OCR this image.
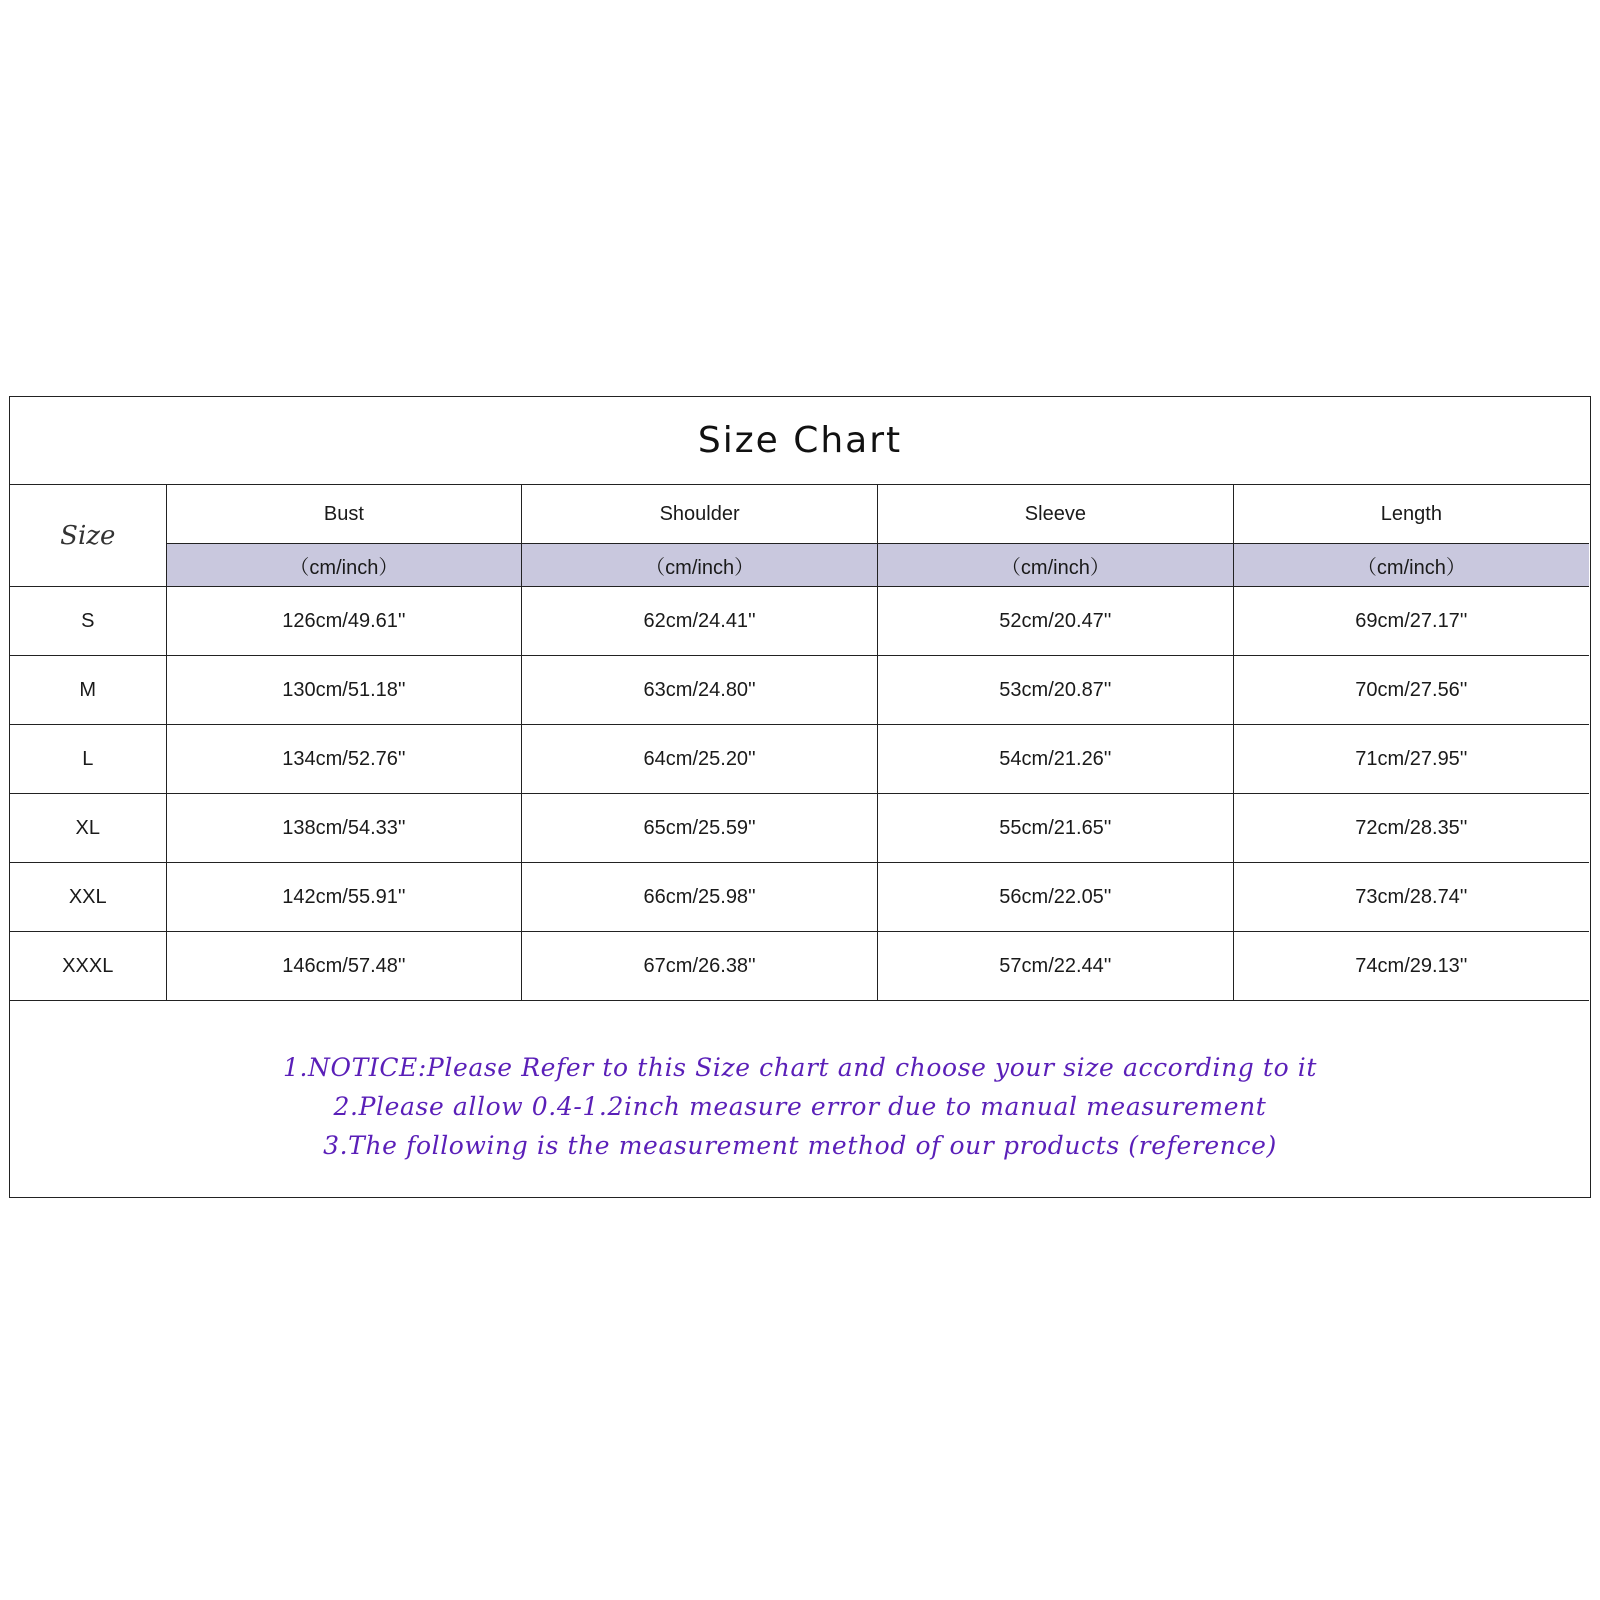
Size Chart
Size	Bust	Shoulder	Sleeve	Length
	（cm/inch）	（cm/inch）	（cm/inch）	（cm/inch）
S	126cm/49.61''	62cm/24.41''	52cm/20.47''	69cm/27.17''
M	130cm/51.18''	63cm/24.80''	53cm/20.87''	70cm/27.56''
L	134cm/52.76''	64cm/25.20''	54cm/21.26''	71cm/27.95''
XL	138cm/54.33''	65cm/25.59''	55cm/21.65''	72cm/28.35''
XXL	142cm/55.91''	66cm/25.98''	56cm/22.05''	73cm/28.74''
XXXL	146cm/57.48''	67cm/26.38''	57cm/22.44''	74cm/29.13''
1.NOTICE:Please Refer to this Size chart and choose your size according to it
2.Please allow 0.4-1.2inch measure error due to manual measurement
3.The following is the measurement method of our products (reference)
